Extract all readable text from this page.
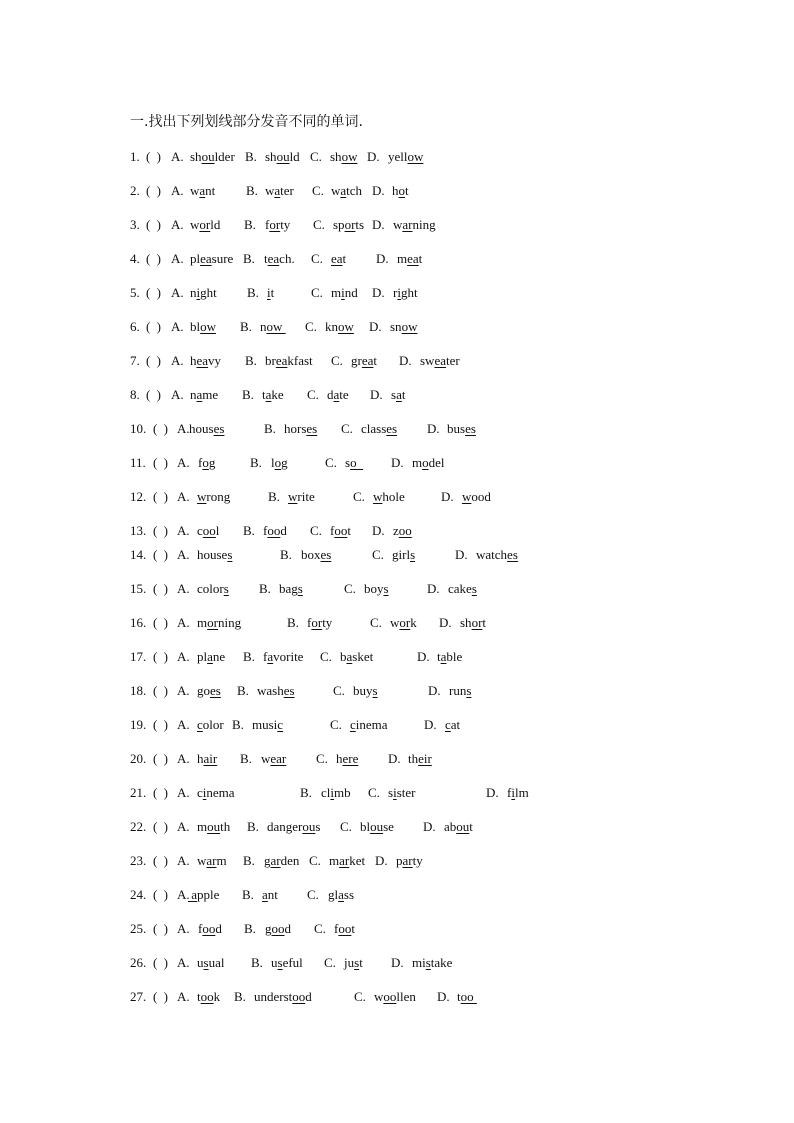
一.找出下列划线部分发音不同的单词.
1. ( ) A. shoulder B. should C. show D. yellow
2. ( ) A. want B. water C. watch D. hot
3. ( ) A. world B. forty C. sports D. warning
4. ( ) A. pleasure B. teach. C. eat D. meat
5. ( ) A. night B. it	C. mind D. right
6. ( ) A. blow B. now C. know D. snow
7. ( ) A. heavy B. breakfast C. great D. sweater
8. ( ) A. name B. take C. date D. sat
10. ( ) A. houses	B. horses C. classes D. buses
11. ( ) A. fog	B. log	C. so D. model
12. ( ) A. wrong	B. write	C. whole	D. wood
13. ( ) A. cool B. food C. foot D. zoo
14. ( ) A. houses	B. boxes	C. girls	D. watches
15. ( ) A. colors B. bags	C. boys	D. cakes
16. ( ) A. morning	B. forty	C. work D. short
17. ( ) A. plane B. favorite C. basket	D. table
18. ( ) A. goes B. washes	C. buys	D. runs
19. ( ) A. color B. music	C. cinema	D. cat
20. ( ) A. hair B. wear C. here D. their
21. ( ) A. cinema	B. climb C. sister	D. film
22. ( ) A. mouth B. dangerous C. blouse D. about
23. ( ) A. warm B. garden C. market D. party
24. ( ) A.
apple B. ant C. glass
25. ( ) A. food B. good C. foot
26. ( ) A. usual B. useful C. just D. mistake
27. ( ) A. took B. understood	C. woollen D. too
